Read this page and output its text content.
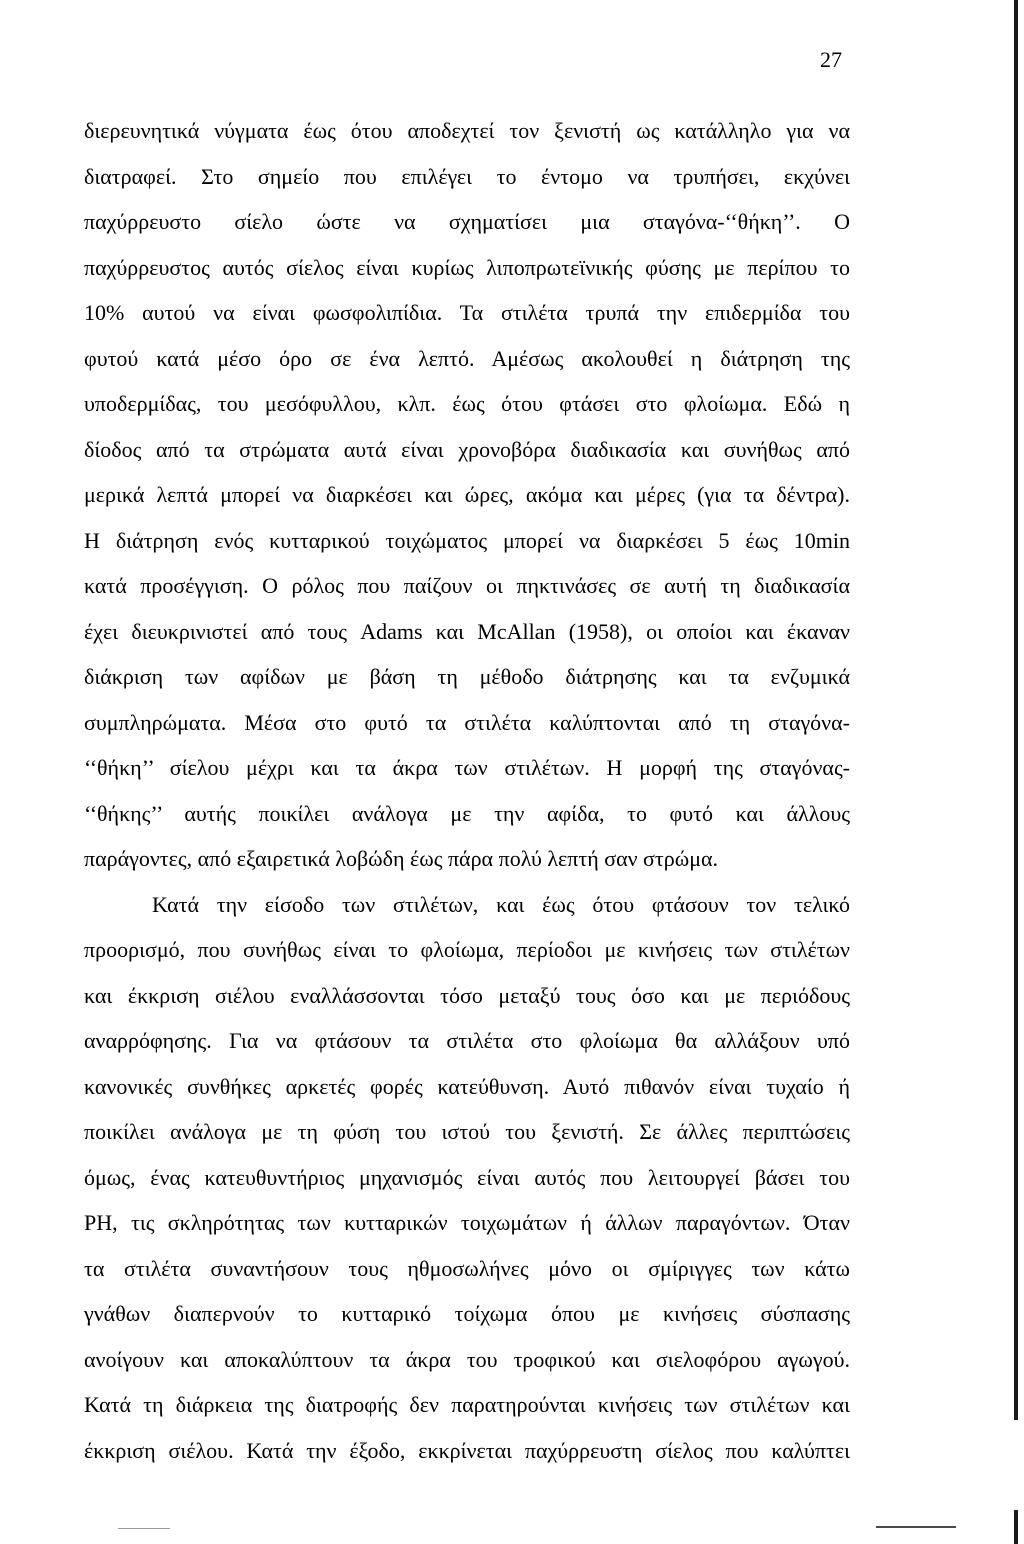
27
διερευνητικά νύγματα έως ότου αποδεχτεί τον ξενιστή ως κατάλληλο για να
διατραφεί. Στο σημείο που επιλέγει το έντομο να τρυπήσει, εκχύνει
παχύρρευστο σίελο ώστε να σχηματίσει μια σταγόνα-‘‘θήκη’’. Ο
παχύρρευστος αυτός σίελος είναι κυρίως λιποπρωτεϊνικής φύσης με περίπου το
10% αυτού να είναι φωσφολιπίδια. Τα στιλέτα τρυπά την επιδερμίδα του
φυτού κατά μέσο όρο σε ένα λεπτό. Αμέσως ακολουθεί η διάτρηση της
υποδερμίδας, του μεσόφυλλου, κλπ. έως ότου φτάσει στο φλοίωμα. Εδώ η
δίοδος από τα στρώματα αυτά είναι χρονοβόρα διαδικασία και συνήθως από
μερικά λεπτά μπορεί να διαρκέσει και ώρες, ακόμα και μέρες (για τα δέντρα).
Η διάτρηση ενός κυτταρικού τοιχώματος μπορεί να διαρκέσει 5 έως 10min
κατά προσέγγιση. Ο ρόλος που παίζουν οι πηκτινάσες σε αυτή τη διαδικασία
έχει διευκρινιστεί από τους Adams και McAllan (1958), οι οποίοι και έκαναν
διάκριση των αφίδων με βάση τη μέθοδο διάτρησης και τα ενζυμικά
συμπληρώματα. Μέσα στο φυτό τα στιλέτα καλύπτονται από τη σταγόνα-
‘‘θήκη’’ σίελου μέχρι και τα άκρα των στιλέτων. Η μορφή της σταγόνας-
‘‘θήκης’’ αυτής ποικίλει ανάλογα με την αφίδα, το φυτό και άλλους
παράγοντες, από εξαιρετικά λοβώδη έως πάρα πολύ λεπτή σαν στρώμα.
Κατά την είσοδο των στιλέτων, και έως ότου φτάσουν τον τελικό
προορισμό, που συνήθως είναι το φλοίωμα, περίοδοι με κινήσεις των στιλέτων
και έκκριση σιέλου εναλλάσσονται τόσο μεταξύ τους όσο και με περιόδους
αναρρόφησης. Για να φτάσουν τα στιλέτα στο φλοίωμα θα αλλάξουν υπό
κανονικές συνθήκες αρκετές φορές κατεύθυνση. Αυτό πιθανόν είναι τυχαίο ή
ποικίλει ανάλογα με τη φύση του ιστού του ξενιστή. Σε άλλες περιπτώσεις
όμως, ένας κατευθυντήριος μηχανισμός είναι αυτός που λειτουργεί βάσει του
PH, τις σκληρότητας των κυτταρικών τοιχωμάτων ή άλλων παραγόντων. Όταν
τα στιλέτα συναντήσουν τους ηθμοσωλήνες μόνο οι σμίριγγες των κάτω
γνάθων διαπερνούν το κυτταρικό τοίχωμα όπου με κινήσεις σύσπασης
ανοίγουν και αποκαλύπτουν τα άκρα του τροφικού και σιελοφόρου αγωγού.
Κατά τη διάρκεια της διατροφής δεν παρατηρούνται κινήσεις των στιλέτων και
έκκριση σιέλου. Κατά την έξοδο, εκκρίνεται παχύρρευστη σίελος που καλύπτει
